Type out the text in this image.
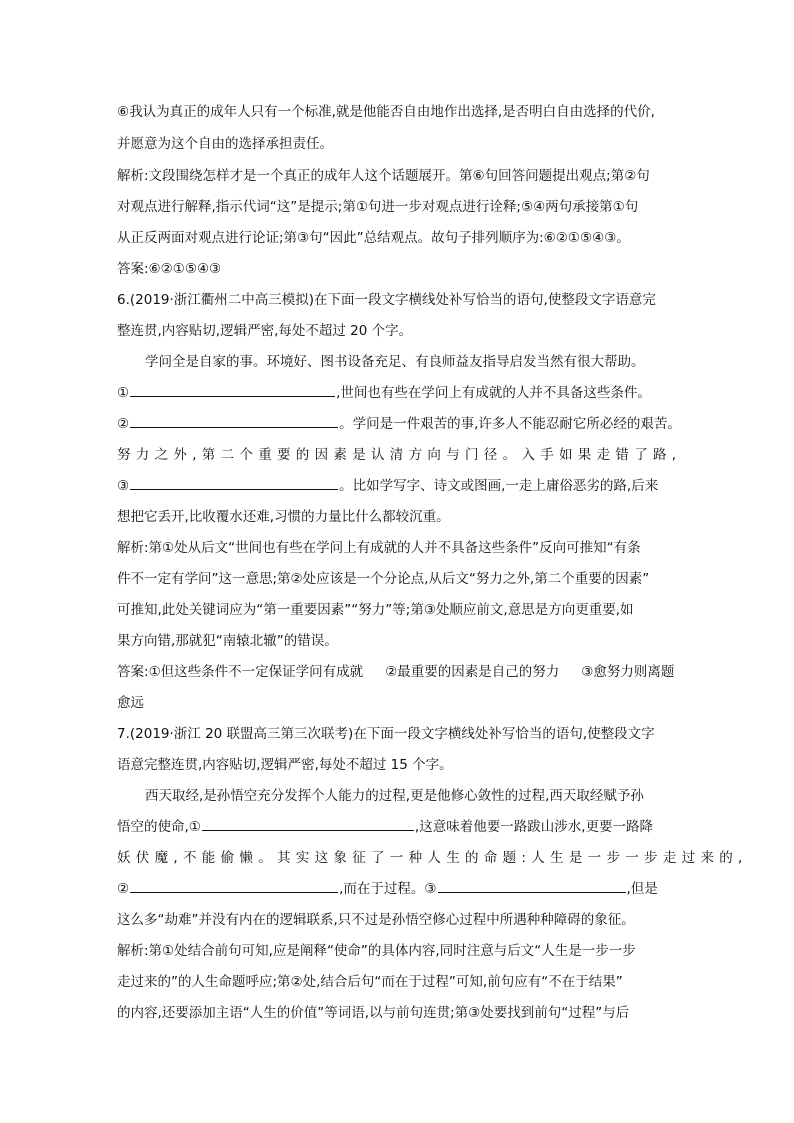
⑥我认为真正的成年人只有一个标准,就是他能否自由地作出选择,是否明白自由选择的代价,
并愿意为这个自由的选择承担责任。
解析:文段围绕怎样才是一个真正的成年人这个话题展开。第⑥句回答问题提出观点;第②句
对观点进行解释,指示代词“这”是提示;第①句进一步对观点进行诠释;⑤④两句承接第①句
从正反两面对观点进行论证;第③句“因此”总结观点。故句子排列顺序为:⑥②①⑤④③。
答案:⑥②①⑤④③
6.(2019·浙江衢州二中高三模拟)在下面一段文字横线处补写恰当的语句,使整段文字语意完
整连贯,内容贴切,逻辑严密,每处不超过 20 个字。
学问全是自家的事。环境好、图书设备充足、有良师益友指导启发当然有很大帮助。
①	,世间也有些在学问上有成就的人并不具备这些条件。
②	。学问是一件艰苦的事,许多人不能忍耐它所必经的艰苦。
努力之外,第二个重要的因素是认清方向与门径。入手如果走错了路,
③	。比如学写字、诗文或图画,一走上庸俗恶劣的路,后来
想把它丢开,比收覆水还难,习惯的力量比什么都较沉重。
解析:第①处从后文“世间也有些在学问上有成就的人并不具备这些条件”反向可推知“有条
件不一定有学问”这一意思;第②处应该是一个分论点,从后文“努力之外,第二个重要的因素”
可推知,此处关键词应为“第一重要因素”“努力”等;第③处顺应前文,意思是方向更重要,如
果方向错,那就犯“南辕北辙”的错误。
答案:①但这些条件不一定保证学问有成就 ②最重要的因素是自己的努力 ③愈努力则离题
愈远
7.(2019·浙江 20 联盟高三第三次联考)在下面一段文字横线处补写恰当的语句,使整段文字
语意完整连贯,内容贴切,逻辑严密,每处不超过 15 个字。
西天取经,是孙悟空充分发挥个人能力的过程,更是他修心敛性的过程,西天取经赋予孙
悟空的使命,①	,这意味着他要一路跋山涉水,更要一路降
妖伏魔,不能偷懒。其实这象征了一种人生的命题:人生是一步一步走过来的,
②	,而在于过程。③	,但是
这么多“劫难”并没有内在的逻辑联系,只不过是孙悟空修心过程中所遇种种障碍的象征。
解析:第①处结合前句可知,应是阐释“使命”的具体内容,同时注意与后文“人生是一步一步
走过来的”的人生命题呼应;第②处,结合后句“而在于过程”可知,前句应有“不在于结果”
的内容,还要添加主语“人生的价值”等词语,以与前句连贯;第③处要找到前句“过程”与后
